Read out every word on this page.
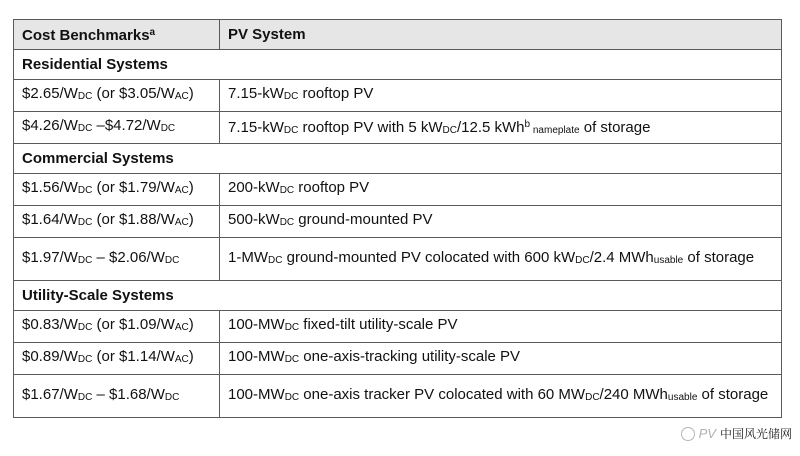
Cost Benchmarks$^a$	PV System
Residential Systems	
$2.65/WDC (or $3.05/WAC)	7.15-kWDC rooftop PV
$4.26/WDC –$4.72/WDC	7.15-kWDC rooftop PV with 5 kWDC/12.5 kWh$^b$ nameplate of storage
Commercial Systems	
$1.56/WDC (or $1.79/WAC)	200-kWDC rooftop PV
$1.64/WDC (or $1.88/WAC)	500-kWDC ground-mounted PV
$1.97/WDC – $2.06/WDC	1-MWDC ground-mounted PV colocated with 600 kWDC/2.4 MWhusable of storage
Utility-Scale Systems	
$0.83/WDC (or $1.09/WAC)	100-MWDC fixed-tilt utility-scale PV
$0.89/WDC (or $1.14/WAC)	100-MWDC one-axis-tracking utility-scale PV
$1.67/WDC – $1.68/WDC	100-MWDC one-axis tracker PV colocated with 60 MWDC/240 MWhusable of storage
PV 中国风光储网
